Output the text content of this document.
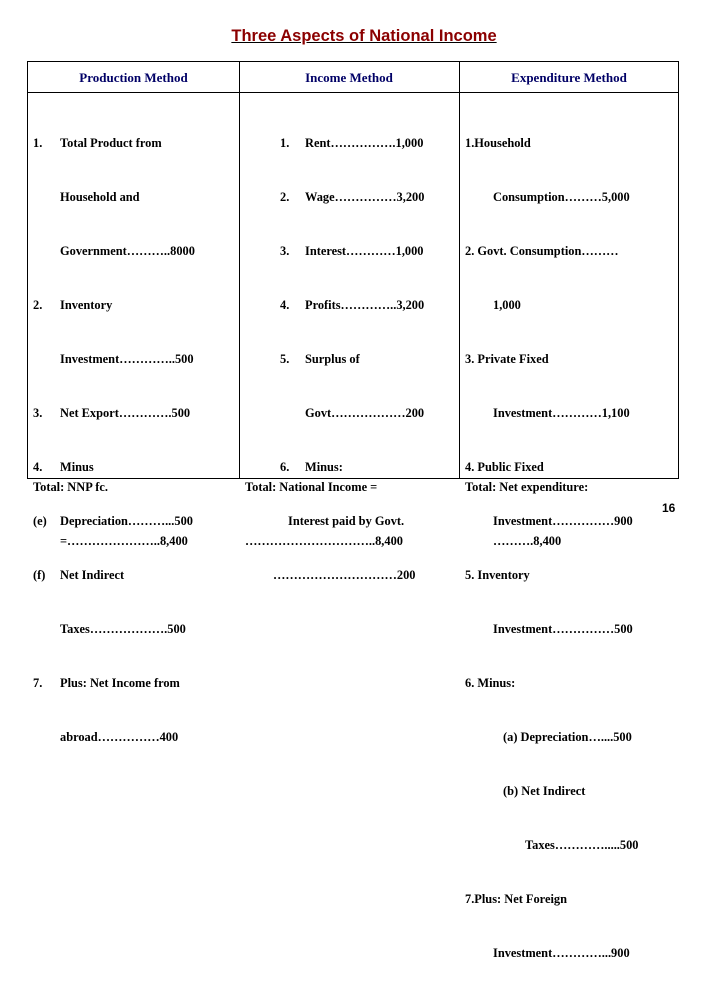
Three Aspects of National Income
Production Method	Income Method	Expenditure Method

1. Total Product from

Household and

Government………..8000

2. Inventory

Investment…………..500

3. Net Export………….500

4. Minus

(e) Depreciation………...500

(f) Net Indirect

Taxes……………….500

7. Plus: Net Income from

abroad……………400

1. Rent…………….1,000

2. Wage……………3,200

3. Interest…………1,000

4. Profits…………..3,200

5. Surplus of

Govt………………200

6. Minus:

Interest paid by Govt.

…………………………200

1.Household

Consumption………5,000

2. Govt. Consumption………

1,000

3. Private Fixed

Investment…………1,100

4. Public Fixed

Investment……………900

5. Inventory

Investment……………500

6. Minus:

(a) Depreciation…....500

(b) Net Indirect

Taxes………….....500

7.Plus: Net Foreign

Investment…………...900

Total: NNP fc.

=…………………..8,400

Total: National Income =

…………………………..8,400

Total: Net expenditure:

……….8,400

16
